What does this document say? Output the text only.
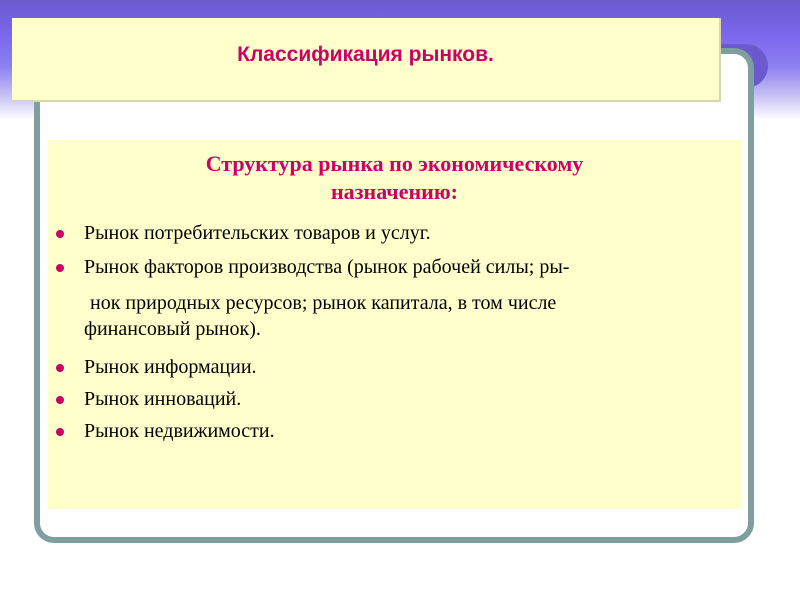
Классификация рынков.
Структура рынка по экономическому
назначению:
Рынок потребительских товаров и услуг.
Рынок факторов производства (рынок рабочей силы; ры-
нок природных ресурсов; рынок капитала, в том числе
финансовый рынок).
Рынок информации.
Рынок инноваций.
Рынок недвижимости.
